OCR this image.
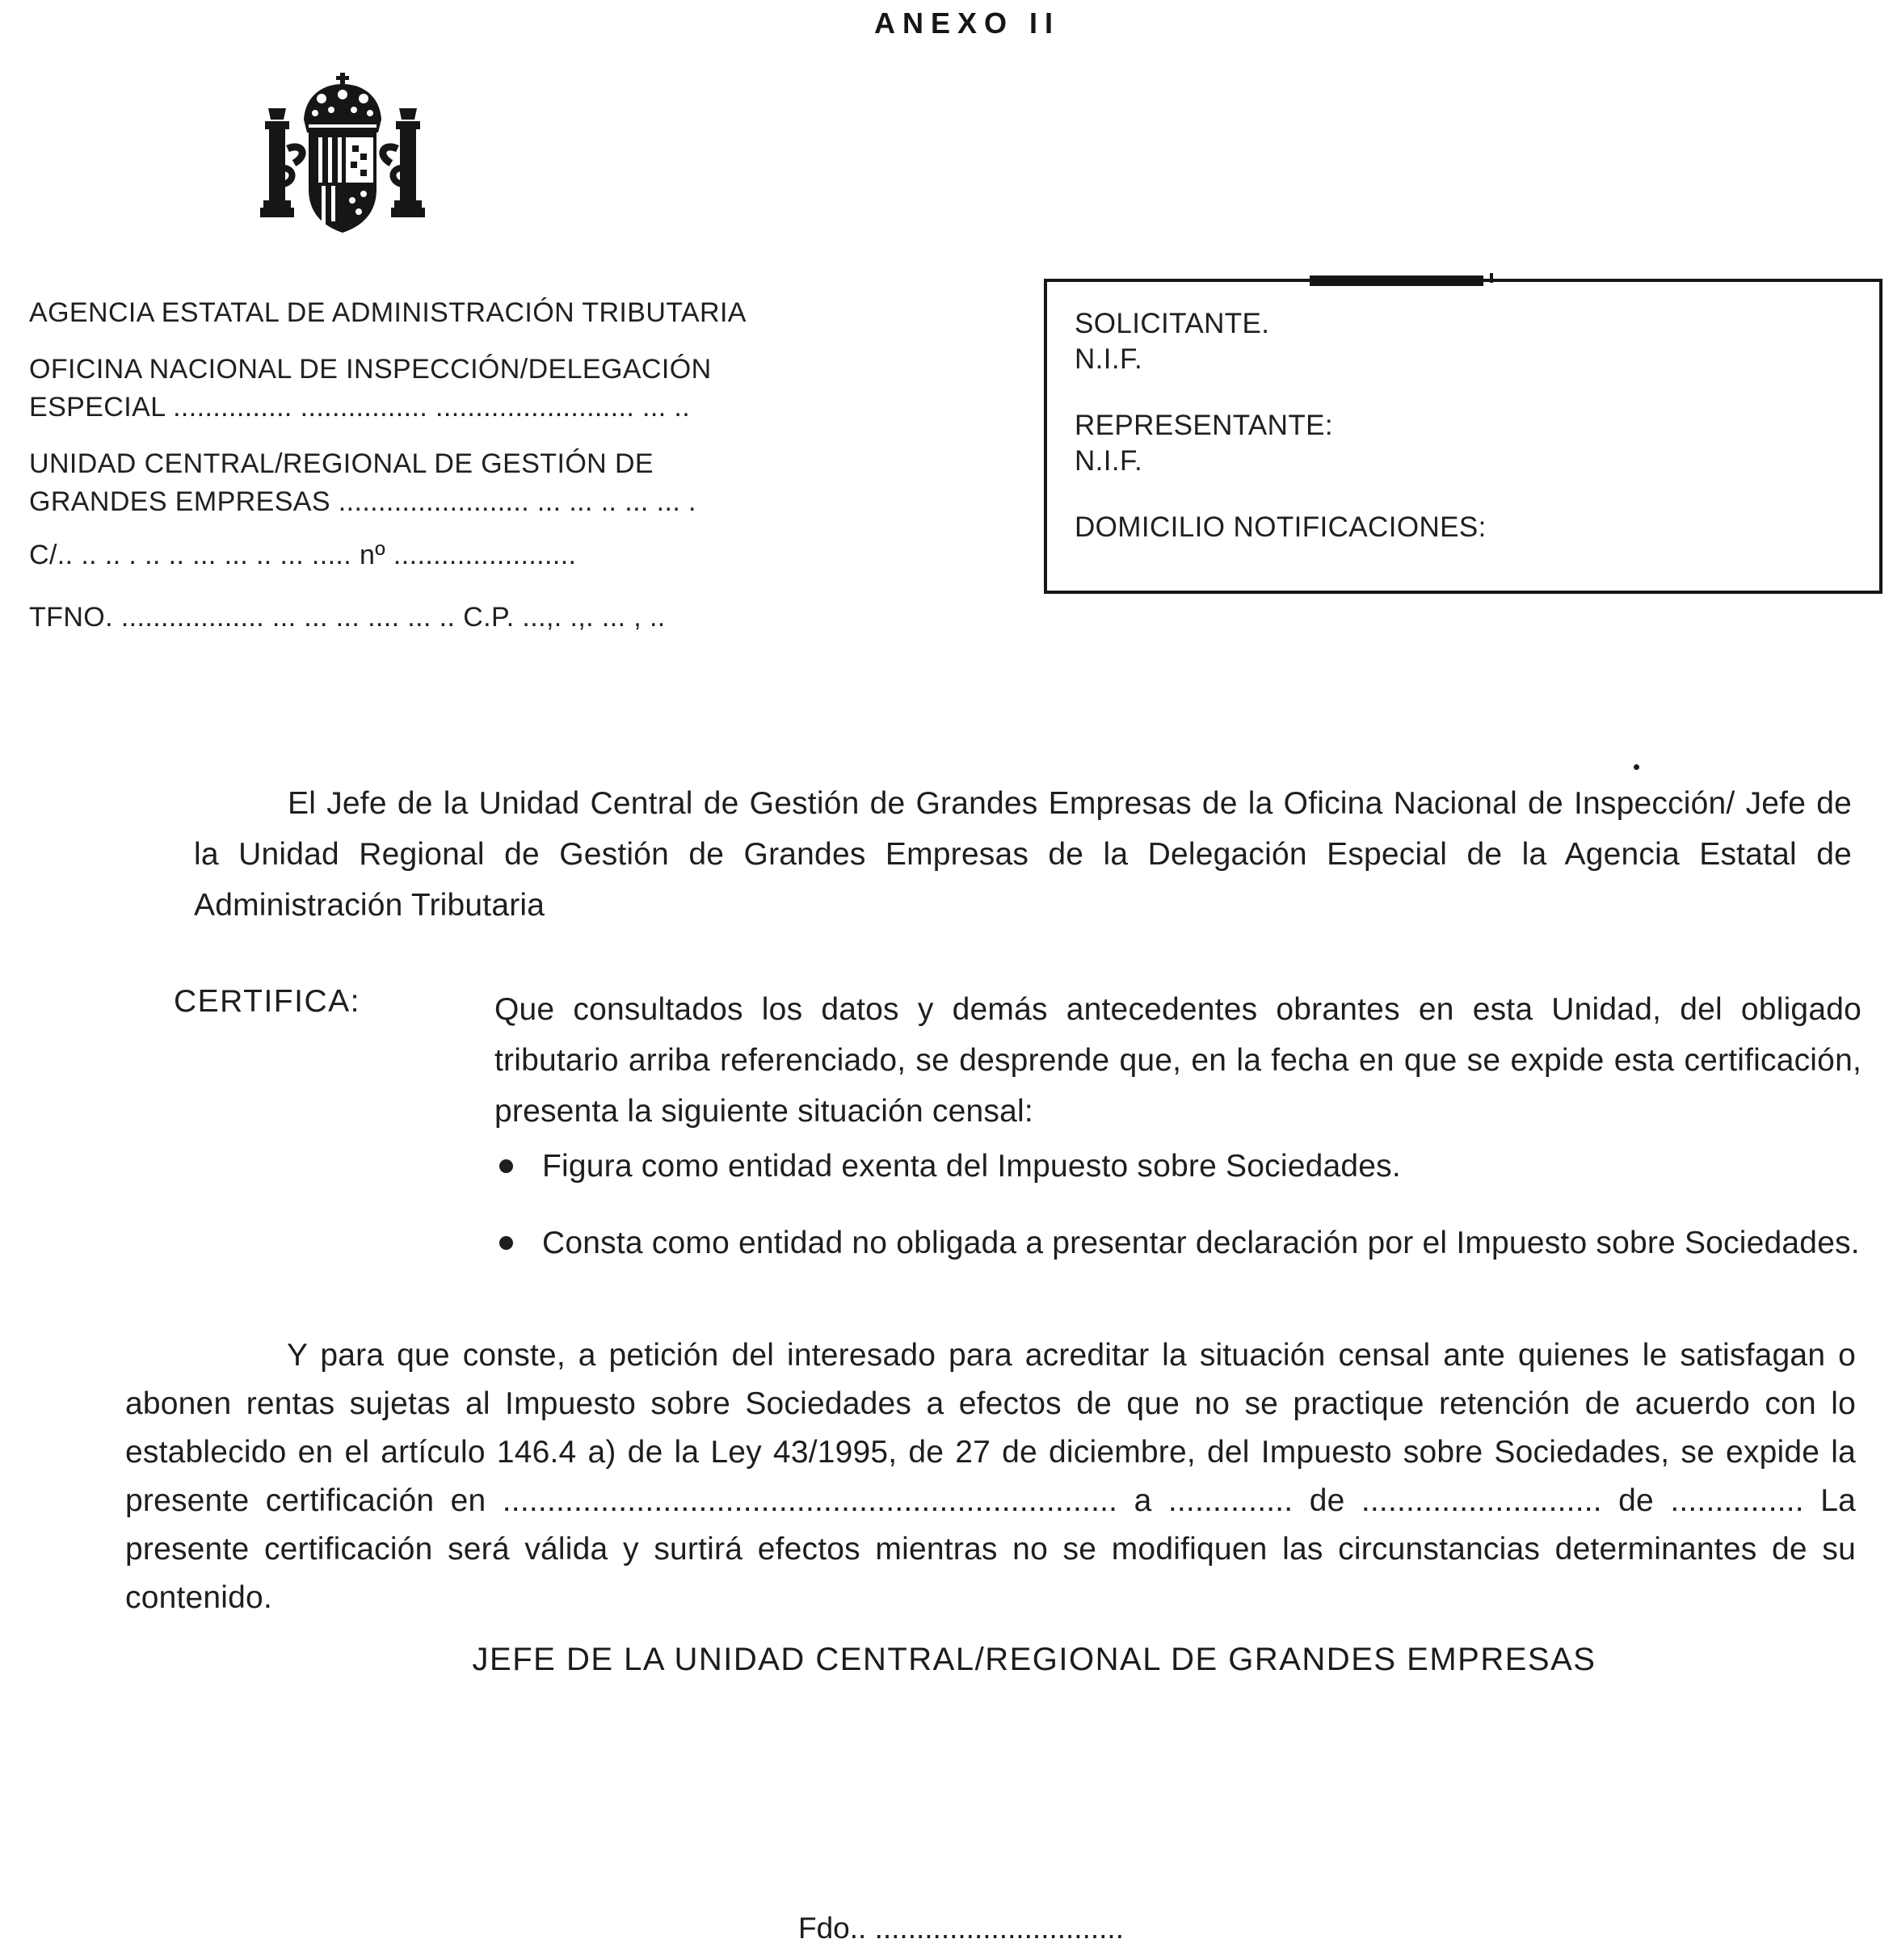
ANEXO II
AGENCIA ESTATAL DE ADMINISTRACIÓN TRIBUTARIA
OFICINA NACIONAL DE INSPECCIÓN/DELEGACIÓN
ESPECIAL ............... ................ ......................... ... ..
UNIDAD CENTRAL/REGIONAL DE GESTIÓN DE
GRANDES EMPRESAS ........................ ... ... .. ... ... .
C/.. .. .. . .. .. ... ... .. ... ..... nº .......................
TFNO. .................. ... ... ... .... ... .. C.P. ...,. .,. ... , ..
SOLICITANTE.
N.I.F.
REPRESENTANTE:
N.I.F.
DOMICILIO NOTIFICACIONES:

El Jefe de la Unidad Central de Gestión de Grandes Empresas de la Oficina Nacional de Inspección/ Jefe de la Unidad Regional de Gestión de Grandes Empresas de la Delegación Especial de la Agencia Estatal de Administración Tributaria

CERTIFICA:	Que consultados los datos y demás antecedentes obrantes en esta Unidad, del obligado tributario arriba referenciado, se desprende que, en la fecha en que se expide esta certificación, presenta la siguiente situación censal:

Figura como entidad exenta del Impuesto sobre Sociedades.
Consta como entidad no obligada a presentar declaración por el Impuesto sobre Sociedades.

Y para que conste, a petición del interesado para acreditar la situación censal ante quienes le satisfagan o abonen rentas sujetas al Impuesto sobre Sociedades a efectos de que no se practique retención de acuerdo con lo establecido en el artículo 146.4 a) de la Ley 43/1995, de 27 de diciembre, del Impuesto sobre Sociedades, se expide la presente certificación en ..................................................................... a .............. de ........................... de ............... La presente certificación será válida y surtirá efectos mientras no se modifiquen las circunstancias determinantes de su contenido.

JEFE DE LA UNIDAD CENTRAL/REGIONAL DE GRANDES EMPRESAS
Fdo.. ..............................
